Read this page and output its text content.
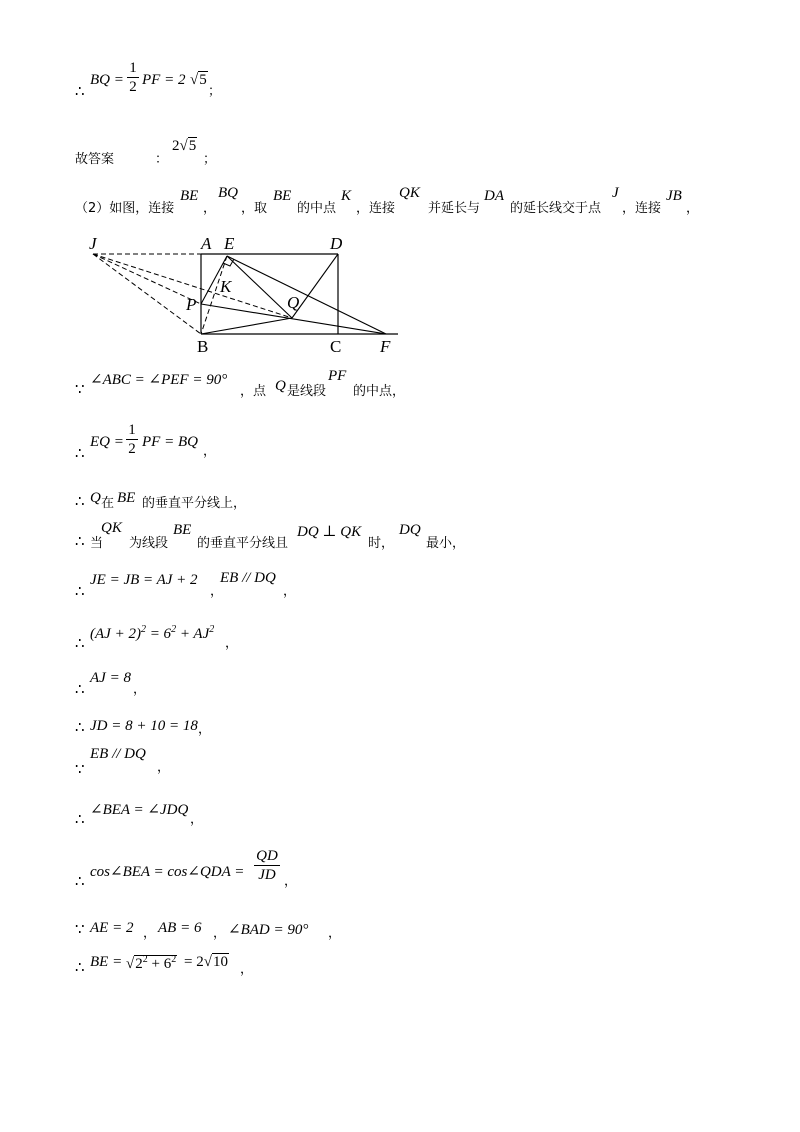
∴
BQ =
1
2 PF = 2 √5
；
故答案	：
2√5
；
（2）如图，连接
BE
，
BQ
，取
BE
的中点
K
，连接
QK
并延长与
DA
的延长线交于点
J
，连接
JB
，
J	A E	D
K
P	Q
B	C F
∵ ∠ABC = ∠PEF = 90°
，点 Q 是线段
PF
的中点，
∴
EQ =
1
2 PF = BQ
，
∴ Q 在 BE 的垂直平分线上，
∴ 当
QK
为线段
BE
的垂直平分线且
DQ ⊥ QK
时，
DQ
最小，
∴
JE = JB = AJ + 2
，
EB // DQ
，
∴ $(AJ + 2)^2 = 6^2 + AJ^2$
，
∴
AJ = 8
，
∴ JD = 8 + 10 = 18 ，
∵
EB // DQ
，
∴ ∠BEA = ∠JDQ
，
∴ cos∠BEA = cos∠QDA =
QD
JD ，
∵ AE = 2 ， AB = 6 ， ∠BAD = 90° ，
∴ BE = $√2^2 + 6^2 = 2√10$ ，
